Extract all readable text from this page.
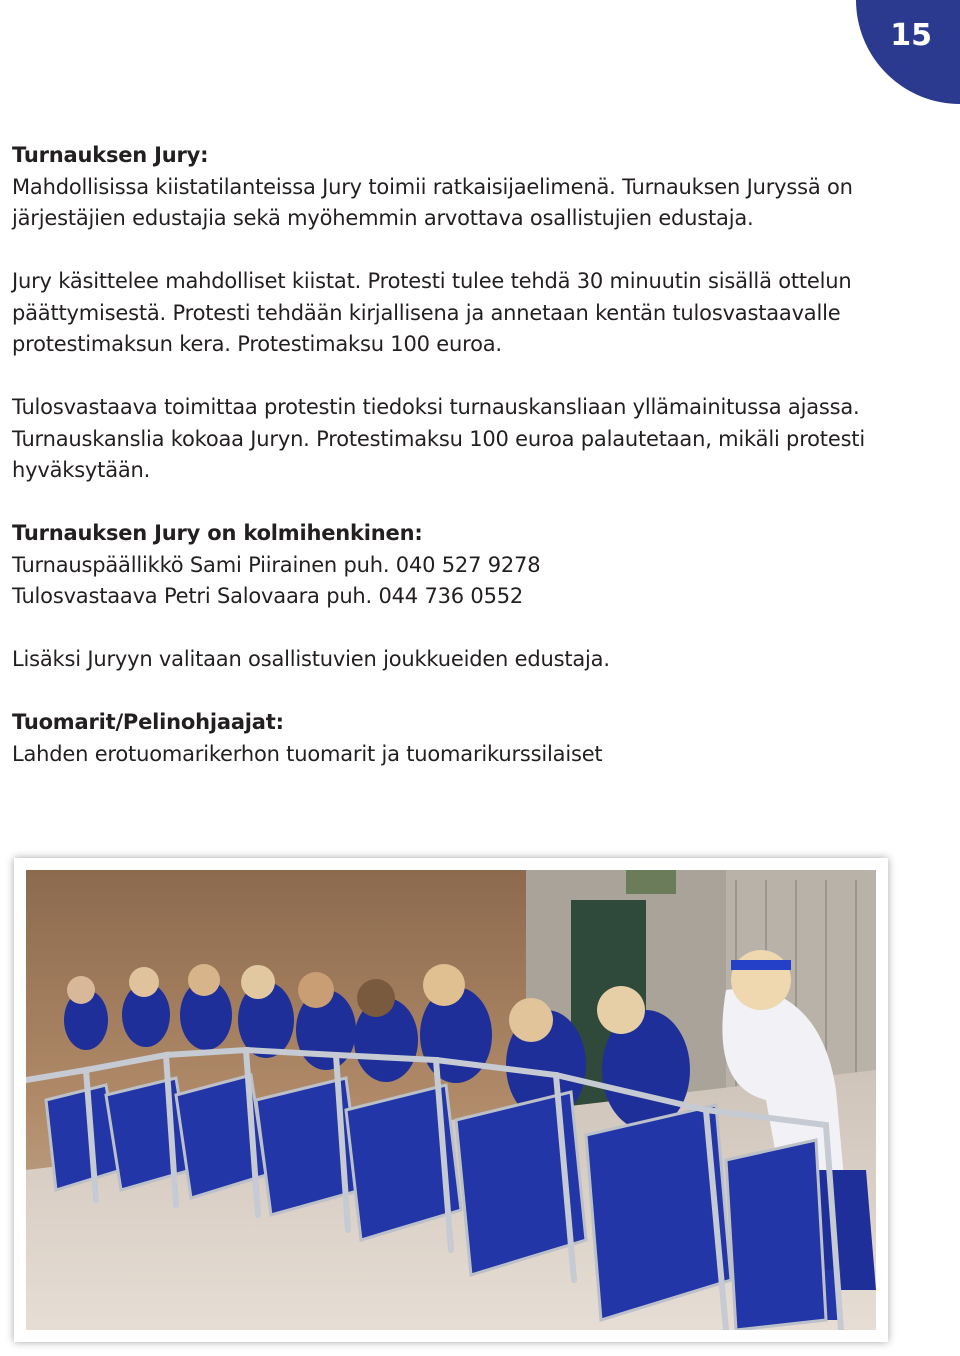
15

Turnauksen Jury:

Mahdollisissa kiistatilanteissa Jury toimii ratkaisijaelimenä. Turnauksen Juryssä on

järjestäjien edustajia sekä myöhemmin arvottava osallistujien edustaja.

Jury käsittelee mahdolliset kiistat. Protesti tulee tehdä 30 minuutin sisällä ottelun

päättymisestä. Protesti tehdään kirjallisena ja annetaan kentän tulosvastaavalle

protestimaksun kera. Protestimaksu 100 euroa.

Tulosvastaava toimittaa protestin tiedoksi turnauskansliaan yllämainitussa ajassa.

Turnauskanslia kokoaa Juryn. Protestimaksu 100 euroa palautetaan, mikäli protesti

hyväksytään.

Turnauksen Jury on kolmihenkinen:

Turnauspäällikkö Sami Piirainen puh. 040 527 9278

Tulosvastaava Petri Salovaara puh. 044 736 0552

Lisäksi Juryyn valitaan osallistuvien joukkueiden edustaja.

Tuomarit/Pelinohjaajat:

Lahden erotuomarikerhon tuomarit ja tuomarikurssilaiset
